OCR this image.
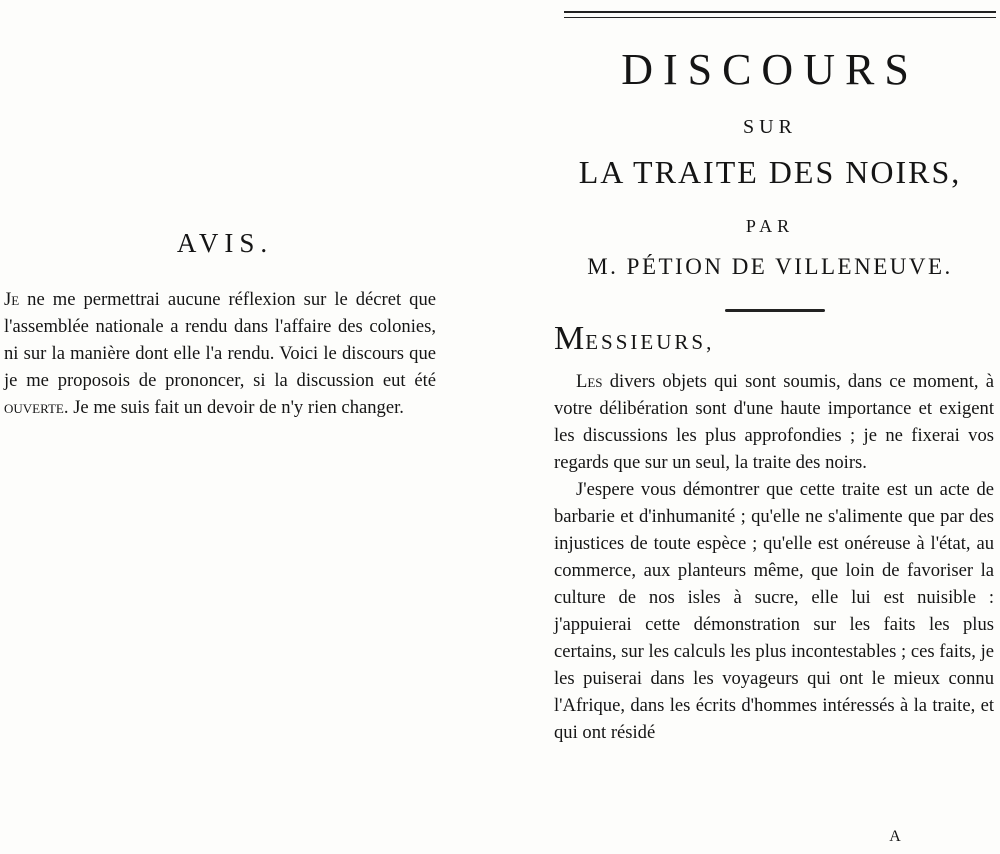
AVIS.
Je ne me permettrai aucune réflexion sur le décret que l'assemblée nationale a rendu dans l'affaire des colonies, ni sur la manière dont elle l'a rendu. Voici le discours que je me proposois de prononcer, si la discussion eut été ouverte. Je me suis fait un devoir de n'y rien changer.
DISCOURS
SUR
LA TRAITE DES NOIRS,
PAR
M. PÉTION DE VILLENEUVE.
MESSIEURS,

Les divers objets qui sont soumis, dans ce moment, à votre délibération sont d'une haute importance et exigent les discussions les plus approfondies ; je ne fixerai vos regards que sur un seul, la traite des noirs.

J'espere vous démontrer que cette traite est un acte de barbarie et d'inhumanité ; qu'elle ne s'alimente que par des injustices de toute espèce ; qu'elle est onéreuse à l'état, au commerce, aux planteurs même, que loin de favoriser la culture de nos isles à sucre, elle lui est nuisible : j'appuierai cette démonstration sur les faits les plus certains, sur les calculs les plus incontestables ; ces faits, je les puiserai dans les voyageurs qui ont le mieux connu l'Afrique, dans les écrits d'hommes intéressés à la traite, et qui ont résidé

A
